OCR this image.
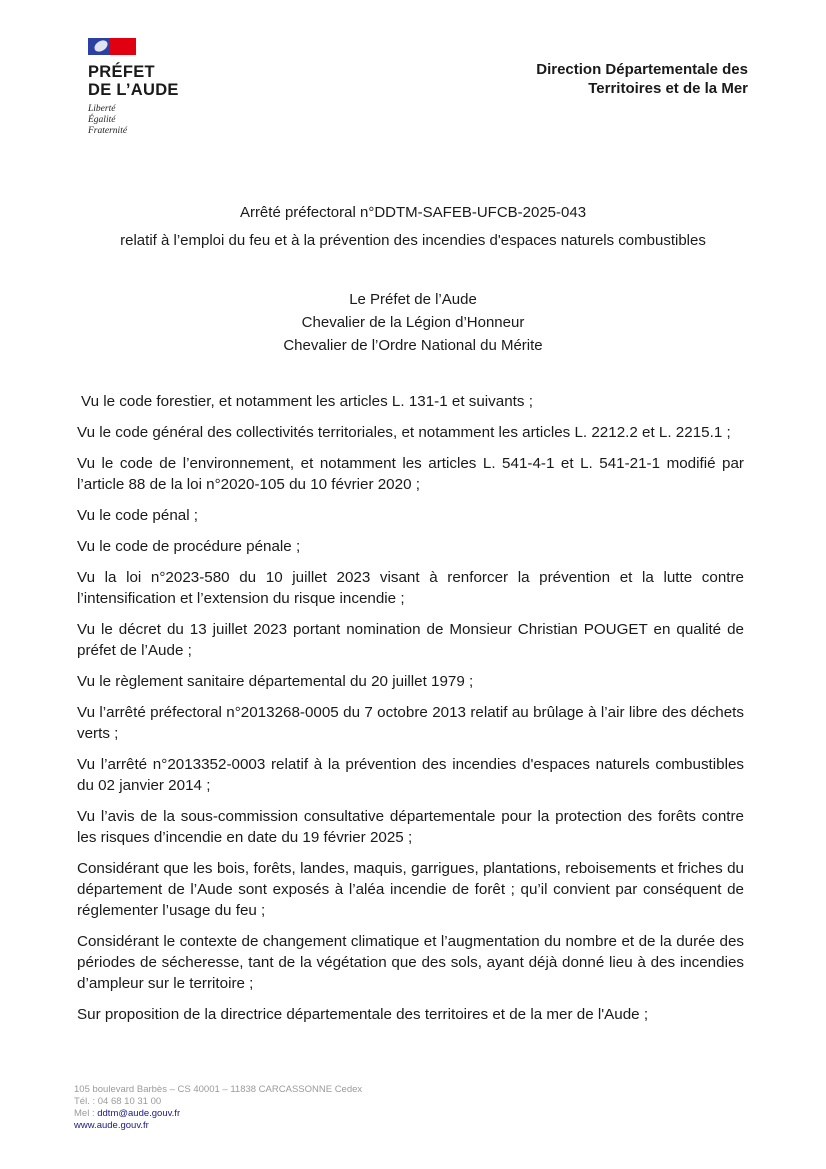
PRÉFET
DE L’AUDE
Liberté
Égalité
Fraternité
Direction Départementale des
Territoires et de la Mer
Arrêté préfectoral n°DDTM-SAFEB-UFCB-2025-043
relatif à l’emploi du feu et à la prévention des incendies d'espaces naturels combustibles
Le Préfet de l’Aude
Chevalier de la Légion d’Honneur
Chevalier de l’Ordre National du Mérite

Vu le code forestier, et notamment les articles L. 131-1 et suivants ;

Vu le code général des collectivités territoriales, et notamment les articles L. 2212.2 et L. 2215.1 ;

Vu le code de l’environnement, et notamment les articles L. 541-4-1 et L. 541-21-1 modifié par l’article 88 de la loi n°2020-105 du 10 février 2020 ;

Vu le code pénal ;

Vu le code de procédure pénale ;

Vu la loi n°2023-580 du 10 juillet 2023 visant à renforcer la prévention et la lutte contre l’intensification et l’extension du risque incendie ;

Vu le décret du 13 juillet 2023 portant nomination de Monsieur Christian POUGET en qualité de préfet de l’Aude ;

Vu le règlement sanitaire départemental du 20 juillet 1979 ;

Vu l’arrêté préfectoral n°2013268-0005 du 7 octobre 2013 relatif au brûlage à l’air libre des déchets verts ;

Vu l’arrêté n°2013352-0003 relatif à la prévention des incendies d'espaces naturels combustibles du 02 janvier 2014 ;

Vu l’avis de la sous-commission consultative départementale pour la protection des forêts contre les risques d’incendie en date du 19 février 2025 ;

Considérant que les bois, forêts, landes, maquis, garrigues, plantations, reboisements et friches du département de l’Aude sont exposés à l’aléa incendie de forêt ; qu’il convient par conséquent de réglementer l’usage du feu ;

Considérant le contexte de changement climatique et l’augmentation du nombre et de la durée des périodes de sécheresse, tant de la végétation que des sols, ayant déjà donné lieu à des incendies d’ampleur sur le territoire ;

Sur proposition de la directrice départementale des territoires et de la mer de l'Aude ;

105 boulevard Barbès – CS 40001 – 11838 CARCASSONNE Cedex
Tél. : 04 68 10 31 00
Mel : ddtm@aude.gouv.fr
www.aude.gouv.fr
